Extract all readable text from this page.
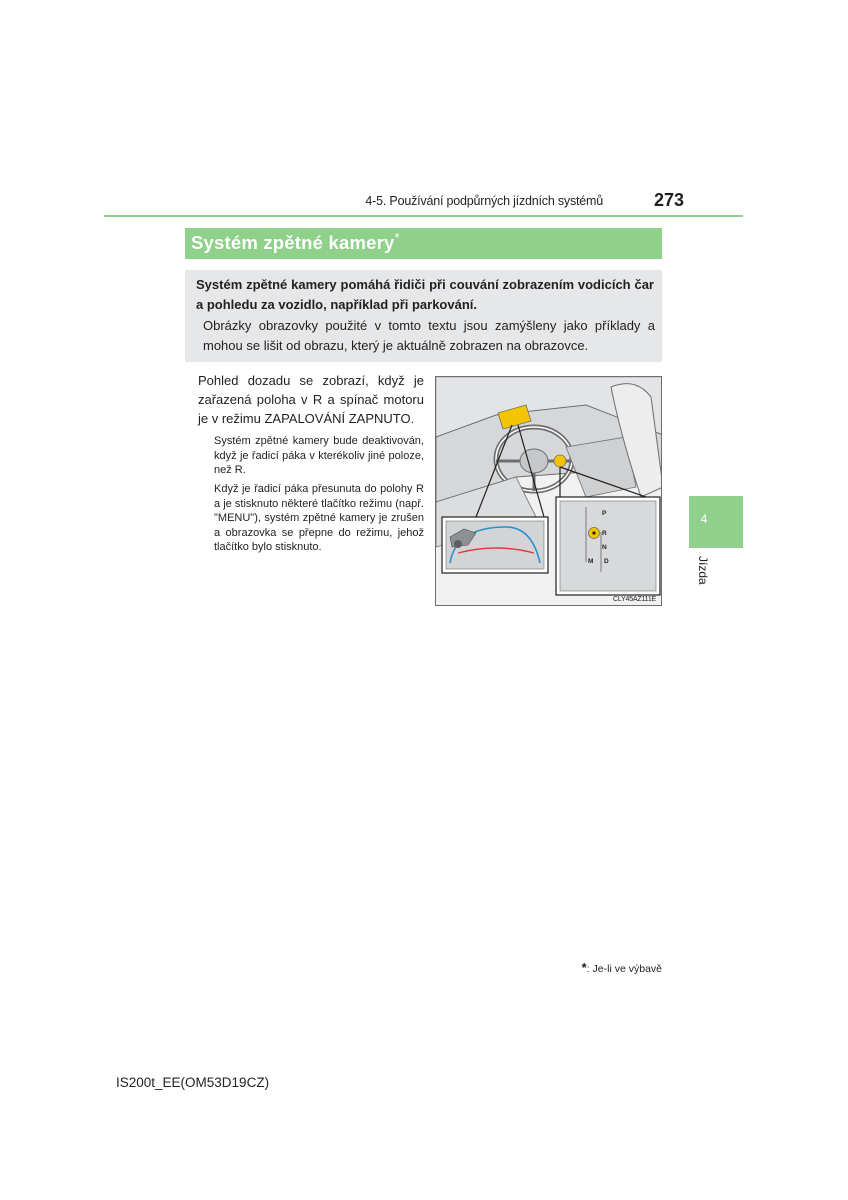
4-5. Používání podpůrných jízdních systémů	273
Systém zpětné kamery*
Systém zpětné kamery pomáhá řidiči při couvání zobrazením vodicích čar a pohledu za vozidlo, například při parkování.
Obrázky obrazovky použité v tomto textu jsou zamýšleny jako příklady a mohou se lišit od obrazu, který je aktuálně zobrazen na obrazovce.
Pohled dozadu se zobrazí, když je zařazená poloha v R a spínač motoru je v režimu ZAPALOVÁNÍ ZAPNUTO.
Systém zpětné kamery bude deaktivován, když je řadicí páka v kterékoliv jiné poloze, než R.
Když je řadicí páka přesunuta do polohy R a je stisknuto některé tlačítko režimu (např. "MENU"), systém zpětné kamery je zrušen a obrazovka se přepne do režimu, jehož tlačítko bylo stisknuto.
P
R
N
D
M
CLY45AZ111E
4
Jízda
*: Je-li ve výbavě
IS200t_EE(OM53D19CZ)
